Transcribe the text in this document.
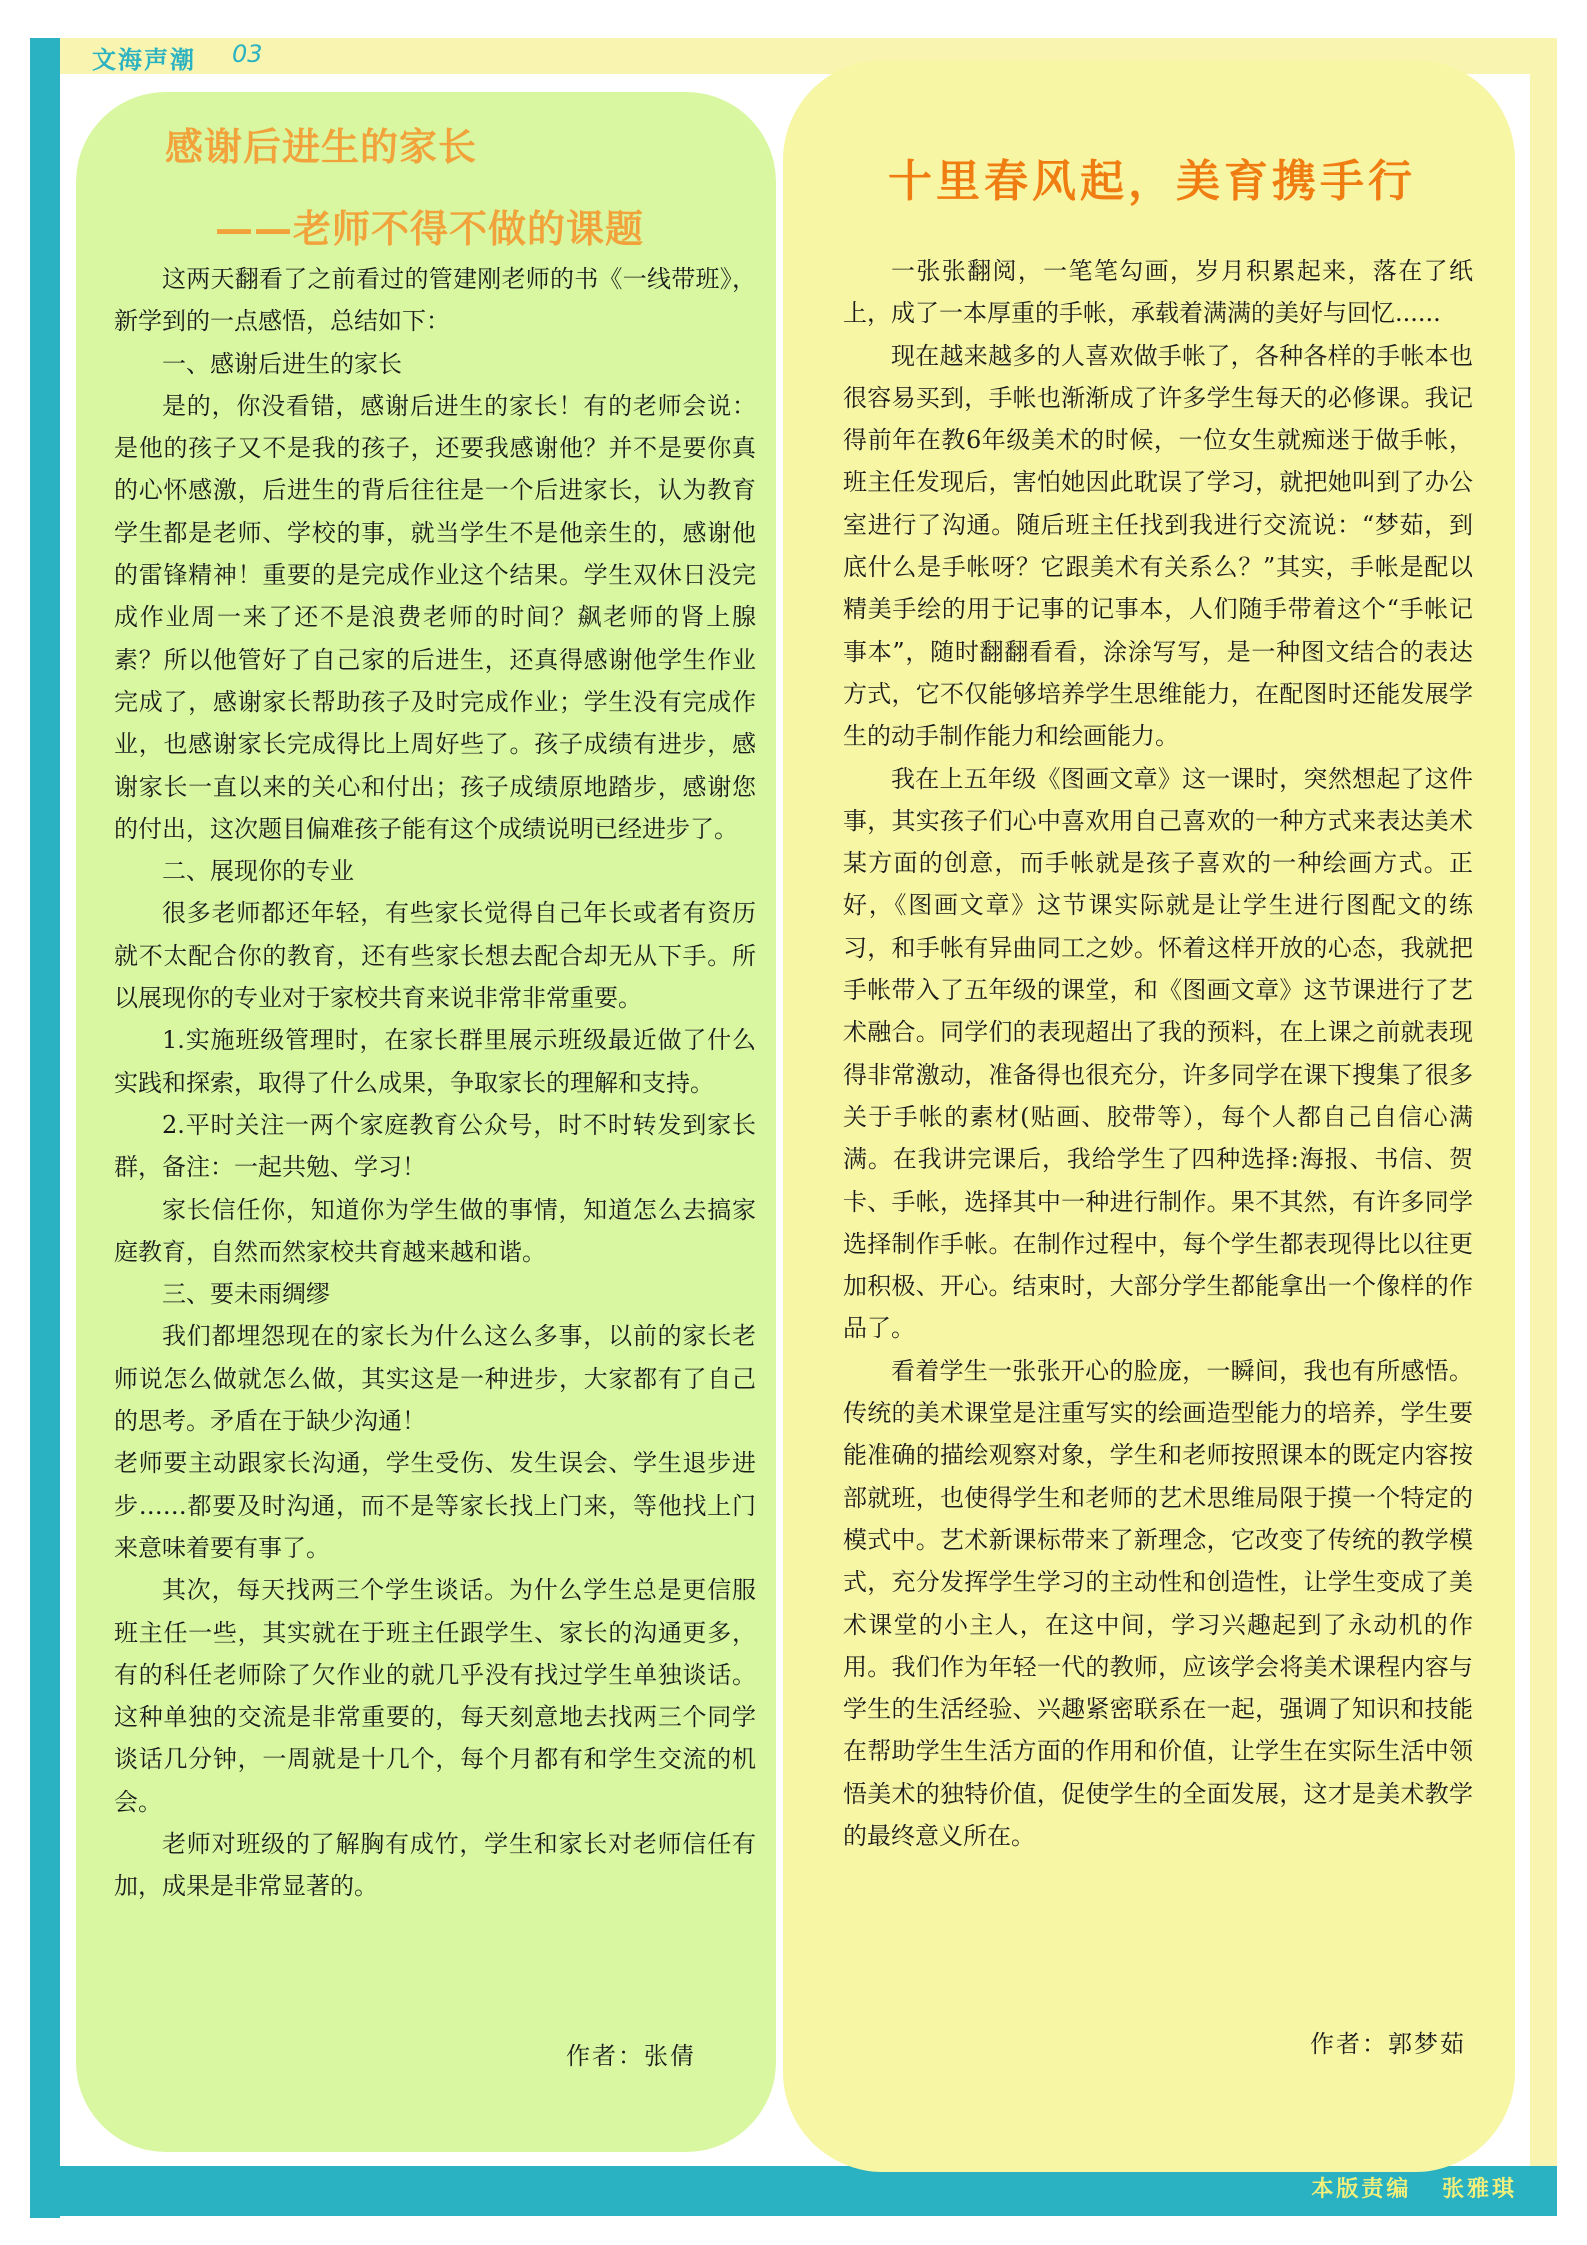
文海声潮 03
感谢后进生的家长
——老师不得不做的课题

这两天翻看了之前看过的管建刚老师的书《一线带班》，新学到的一点感悟，总结如下：

一、感谢后进生的家长

是的，你没看错，感谢后进生的家长！有的老师会说：是他的孩子又不是我的孩子，还要我感谢他？并不是要你真的心怀感激，后进生的背后往往是一个后进家长，认为教育学生都是老师、学校的事，就当学生不是他亲生的，感谢他的雷锋精神！重要的是完成作业这个结果。学生双休日没完成作业周一来了还不是浪费老师的时间？飙老师的肾上腺素？所以他管好了自己家的后进生，还真得感谢他学生作业完成了，感谢家长帮助孩子及时完成作业；学生没有完成作业，也感谢家长完成得比上周好些了。孩子成绩有进步，感谢家长一直以来的关心和付出；孩子成绩原地踏步，感谢您的付出，这次题目偏难孩子能有这个成绩说明已经进步了。

二、展现你的专业

很多老师都还年轻，有些家长觉得自己年长或者有资历就不太配合你的教育，还有些家长想去配合却无从下手。所以展现你的专业对于家校共育来说非常非常重要。

1.实施班级管理时，在家长群里展示班级最近做了什么实践和探索，取得了什么成果，争取家长的理解和支持。

2.平时关注一两个家庭教育公众号，时不时转发到家长群，备注：一起共勉、学习！

家长信任你，知道你为学生做的事情，知道怎么去搞家庭教育，自然而然家校共育越来越和谐。

三、要未雨绸缪

我们都埋怨现在的家长为什么这么多事，以前的家长老师说怎么做就怎么做，其实这是一种进步，大家都有了自己的思考。矛盾在于缺少沟通！

老师要主动跟家长沟通，学生受伤、发生误会、学生退步进步……都要及时沟通，而不是等家长找上门来，等他找上门来意味着要有事了。

其次，每天找两三个学生谈话。为什么学生总是更信服班主任一些，其实就在于班主任跟学生、家长的沟通更多，有的科任老师除了欠作业的就几乎没有找过学生单独谈话。这种单独的交流是非常重要的，每天刻意地去找两三个同学谈话几分钟，一周就是十几个，每个月都有和学生交流的机会。

老师对班级的了解胸有成竹，学生和家长对老师信任有加，成果是非常显著的。

作者：张倩
十里春风起，美育携手行

一张张翻阅，一笔笔勾画，岁月积累起来，落在了纸上，成了一本厚重的手帐，承载着满满的美好与回忆......

现在越来越多的人喜欢做手帐了，各种各样的手帐本也很容易买到，手帐也渐渐成了许多学生每天的必修课。我记得前年在教6年级美术的时候，一位女生就痴迷于做手帐，班主任发现后，害怕她因此耽误了学习，就把她叫到了办公室进行了沟通。随后班主任找到我进行交流说：“梦茹，到底什么是手帐呀？它跟美术有关系么？”其实，手帐是配以精美手绘的用于记事的记事本，人们随手带着这个“手帐记事本”，随时翻翻看看，涂涂写写，是一种图文结合的表达方式，它不仅能够培养学生思维能力，在配图时还能发展学生的动手制作能力和绘画能力。

我在上五年级《图画文章》这一课时，突然想起了这件事，其实孩子们心中喜欢用自己喜欢的一种方式来表达美术某方面的创意，而手帐就是孩子喜欢的一种绘画方式。正好，《图画文章》这节课实际就是让学生进行图配文的练习，和手帐有异曲同工之妙。怀着这样开放的心态，我就把手帐带入了五年级的课堂，和《图画文章》这节课进行了艺术融合。同学们的表现超出了我的预料，在上课之前就表现得非常激动，准备得也很充分，许多同学在课下搜集了很多关于手帐的素材(贴画、胶带等），每个人都自己自信心满满。在我讲完课后，我给学生了四种选择:海报、书信、贺卡、手帐，选择其中一种进行制作。果不其然，有许多同学选择制作手帐。在制作过程中，每个学生都表现得比以往更加积极、开心。结束时，大部分学生都能拿出一个像样的作品了。

看着学生一张张开心的脸庞，一瞬间，我也有所感悟。传统的美术课堂是注重写实的绘画造型能力的培养，学生要能准确的描绘观察对象，学生和老师按照课本的既定内容按部就班，也使得学生和老师的艺术思维局限于摸一个特定的模式中。艺术新课标带来了新理念，它改变了传统的教学模式，充分发挥学生学习的主动性和创造性，让学生变成了美术课堂的小主人，在这中间，学习兴趣起到了永动机的作用。我们作为年轻一代的教师，应该学会将美术课程内容与学生的生活经验、兴趣紧密联系在一起，强调了知识和技能在帮助学生生活方面的作用和价值，让学生在实际生活中领悟美术的独特价值，促使学生的全面发展，这才是美术教学的最终意义所在。

作者：郭梦茹
本版责编 张雅琪
